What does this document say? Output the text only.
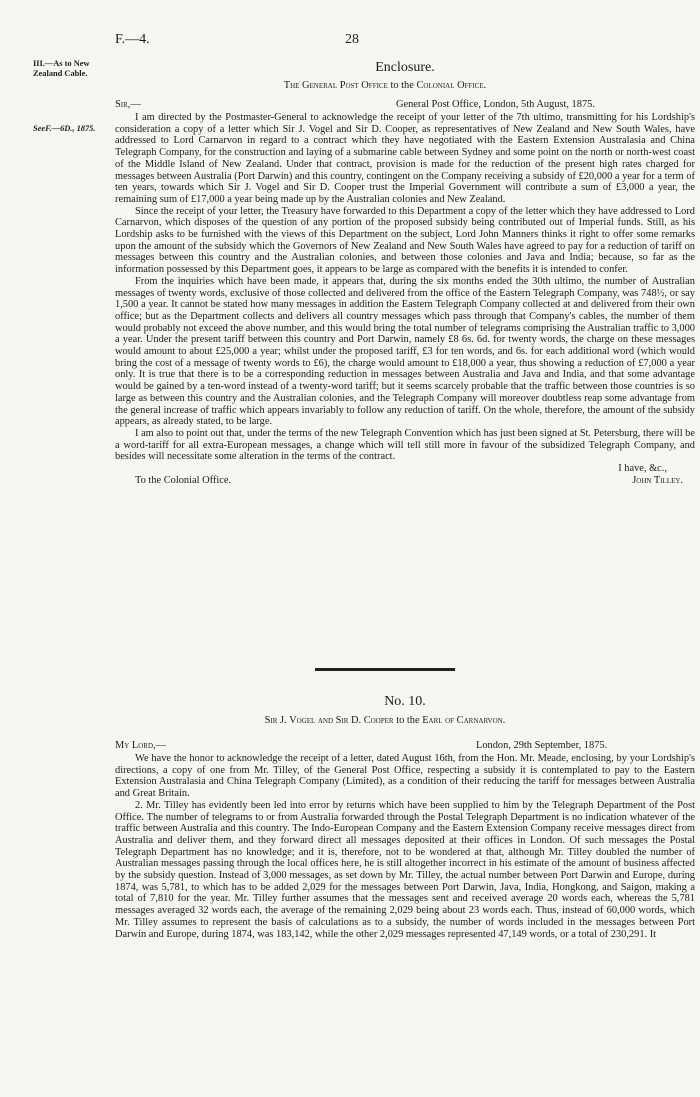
F.—4.	28
III.—As to New
Zealand Cable.	Enclosure.
The General Post Office to the Colonial Office.
Sir,—	General Post Office, London, 5th August, 1875.
SeeF.—6D., 1875.

I am directed by the Postmaster-General to acknowledge the receipt of your letter of the 7th ultimo, transmitting for his Lordship's consideration a copy of a letter which Sir J. Vogel and Sir D. Cooper, as representatives of New Zealand and New South Wales, have addressed to Lord Carnarvon in regard to a contract which they have negotiated with the Eastern Extension Australasia and China Telegraph Company, for the construction and laying of a submarine cable between Sydney and some point on the north or north-west coast of the Middle Island of New Zealand. Under that contract, provision is made for the reduction of the present high rates charged for messages between Australia (Port Darwin) and this country, contingent on the Company receiving a subsidy of £20,000 a year for a term of ten years, towards which Sir J. Vogel and Sir D. Cooper trust the Imperial Government will contribute a sum of £3,000 a year, the remaining sum of £17,000 a year being made up by the Australian colonies and New Zealand.

Since the receipt of your letter, the Treasury have forwarded to this Department a copy of the letter which they have addressed to Lord Carnarvon, which disposes of the question of any portion of the proposed subsidy being contributed out of Imperial funds. Still, as his Lordship asks to be furnished with the views of this Department on the subject, Lord John Manners thinks it right to offer some remarks upon the amount of the subsidy which the Governors of New Zealand and New South Wales have agreed to pay for a reduction of tariff on messages between this country and the Australian colonies, and between those colonies and Java and India; because, so far as the information possessed by this Department goes, it appears to be large as compared with the benefits it is intended to confer.

From the inquiries which have been made, it appears that, during the six months ended the 30th ultimo, the number of Australian messages of twenty words, exclusive of those collected and delivered from the office of the Eastern Telegraph Company, was 748½, or say 1,500 a year. It cannot be stated how many messages in addition the Eastern Telegraph Company collected at and delivered from their own office; but as the Department collects and delivers all country messages which pass through that Company's cables, the number of them would probably not exceed the above number, and this would bring the total number of telegrams comprising the Australian traffic to 3,000 a year. Under the present tariff between this country and Port Darwin, namely £8 6s. 6d. for twenty words, the charge on these messages would amount to about £25,000 a year; whilst under the proposed tariff, £3 for ten words, and 6s. for each additional word (which would bring the cost of a message of twenty words to £6), the charge would amount to £18,000 a year, thus showing a reduction of £7,000 a year only. It is true that there is to be a corresponding reduction in messages between Australia and Java and India, and that some advantage would be gained by a ten-word instead of a twenty-word tariff; but it seems scarcely probable that the traffic between those countries is so large as between this country and the Australian colonies, and the Telegraph Company will moreover doubtless reap some advantage from the general increase of traffic which appears invariably to follow any reduction of tariff. On the whole, therefore, the amount of the subsidy appears, as already stated, to be large.

I am also to point out that, under the terms of the new Telegraph Convention which has just been signed at St. Petersburg, there will be a word-tariff for all extra-European messages, a change which will tell still more in favour of the subsidized Telegraph Company, and besides will necessitate some alteration in the terms of the contract.

I have, &c.,
To the Colonial Office.	John Tilley.
No. 10.
Sir J. Vogel and Sir D. Cooper to the Earl of Carnarvon.
My Lord,—	London, 29th September, 1875.

We have the honor to acknowledge the receipt of a letter, dated August 16th, from the Hon. Mr. Meade, enclosing, by your Lordship's directions, a copy of one from Mr. Tilley, of the General Post Office, respecting a subsidy it is contemplated to pay to the Eastern Extension Australasia and China Telegraph Company (Limited), as a condition of their reducing the tariff for messages between Australia and Great Britain.

2. Mr. Tilley has evidently been led into error by returns which have been supplied to him by the Telegraph Department of the Post Office. The number of telegrams to or from Australia forwarded through the Postal Telegraph Department is no indication whatever of the traffic between Australia and this country. The Indo-European Company and the Eastern Extension Company receive messages direct from Australia and deliver them, and they forward direct all messages deposited at their offices in London. Of such messages the Postal Telegraph Department has no knowledge; and it is, therefore, not to be wondered at that, although Mr. Tilley doubled the number of Australian messages passing through the local offices here, he is still altogether incorrect in his estimate of the amount of business affected by the subsidy question. Instead of 3,000 messages, as set down by Mr. Tilley, the actual number between Port Darwin and Europe, during 1874, was 5,781, to which has to be added 2,029 for the messages between Port Darwin, Java, India, Hongkong, and Saigon, making a total of 7,810 for the year. Mr. Tilley further assumes that the messages sent and received average 20 words each, whereas the 5,781 messages averaged 32 words each, the average of the remaining 2,029 being about 23 words each. Thus, instead of 60,000 words, which Mr. Tilley assumes to represent the basis of calculations as to a subsidy, the number of words included in the messages between Port Darwin and Europe, during 1874, was 183,142, while the other 2,029 messages represented 47,149 words, or a total of 230,291. It
